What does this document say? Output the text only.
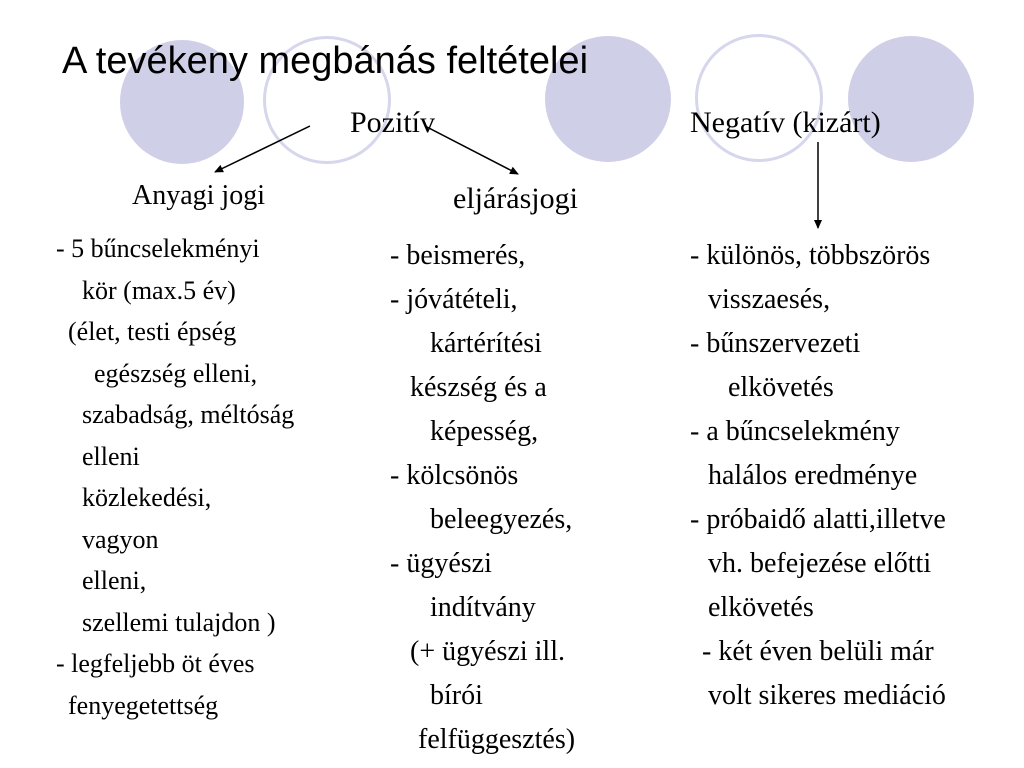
A tevékeny megbánás feltételei
Pozitív	Negatív (kizárt)
Anyagi jogi	eljárásjogi
- 5 bűncselekményi
kör (max.5 év)
(élet, testi épség
egészség elleni,
szabadság, méltóság
elleni
közlekedési,
vagyon
elleni,
szellemi tulajdon )
- legfeljebb öt éves
fenyegetettség
- beismerés,
- jóvátételi,
kártérítési
készség és a
képesség,
- kölcsönös
beleegyezés,
- ügyészi
indítvány
(+ ügyészi ill.
bírói
felfüggesztés)
- különös, többszörös
visszaesés,
- bűnszervezeti
elkövetés
- a bűncselekmény
halálos eredménye
- próbaidő alatti,illetve
vh. befejezése előtti
elkövetés
- két éven belüli már
volt sikeres mediáció
